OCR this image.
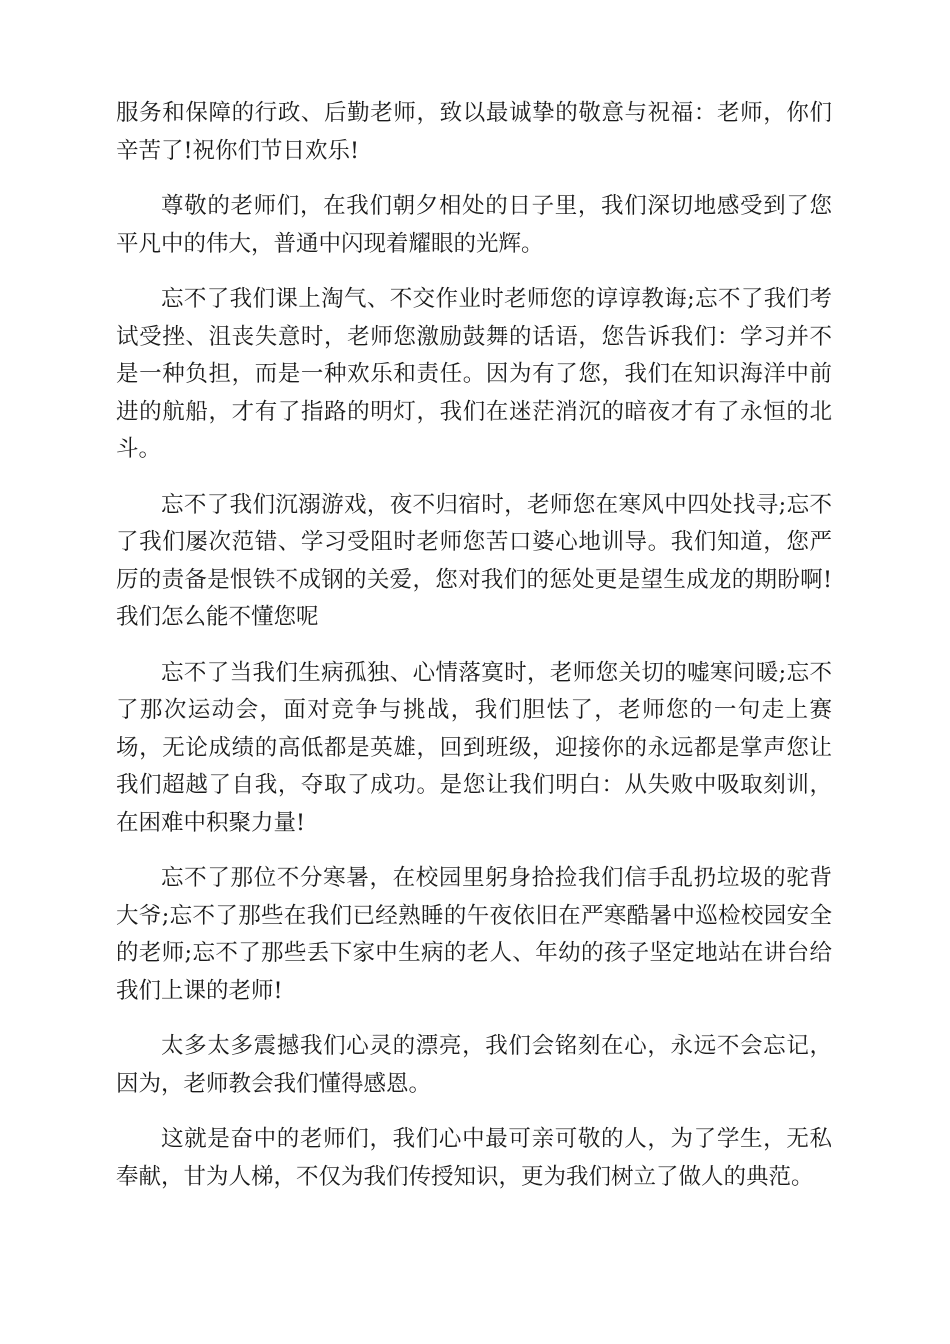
服务和保障的行政、后勤老师，致以最诚挚的敬意与祝福：老师，你们辛苦了!祝你们节日欢乐!

尊敬的老师们，在我们朝夕相处的日子里，我们深切地感受到了您平凡中的伟大，普通中闪现着耀眼的光辉。

忘不了我们课上淘气、不交作业时老师您的谆谆教诲;忘不了我们考试受挫、沮丧失意时，老师您激励鼓舞的话语，您告诉我们：学习并不是一种负担，而是一种欢乐和责任。因为有了您，我们在知识海洋中前进的航船，才有了指路的明灯，我们在迷茫消沉的暗夜才有了永恒的北斗。

忘不了我们沉溺游戏，夜不归宿时，老师您在寒风中四处找寻;忘不了我们屡次范错、学习受阻时老师您苦口婆心地训导。我们知道，您严厉的责备是恨铁不成钢的关爱，您对我们的惩处更是望生成龙的期盼啊!我们怎么能不懂您呢

忘不了当我们生病孤独、心情落寞时，老师您关切的嘘寒问暖;忘不了那次运动会，面对竞争与挑战，我们胆怯了，老师您的一句走上赛场，无论成绩的高低都是英雄，回到班级，迎接你的永远都是掌声您让我们超越了自我，夺取了成功。是您让我们明白：从失败中吸取刻训，在困难中积聚力量!

忘不了那位不分寒暑，在校园里躬身拾捡我们信手乱扔垃圾的驼背大爷;忘不了那些在我们已经熟睡的午夜依旧在严寒酷暑中巡检校园安全的老师;忘不了那些丢下家中生病的老人、年幼的孩子坚定地站在讲台给我们上课的老师!

太多太多震撼我们心灵的漂亮，我们会铭刻在心，永远不会忘记，因为，老师教会我们懂得感恩。

这就是奋中的老师们，我们心中最可亲可敬的人，为了学生，无私奉献，甘为人梯，不仅为我们传授知识，更为我们树立了做人的典范。
